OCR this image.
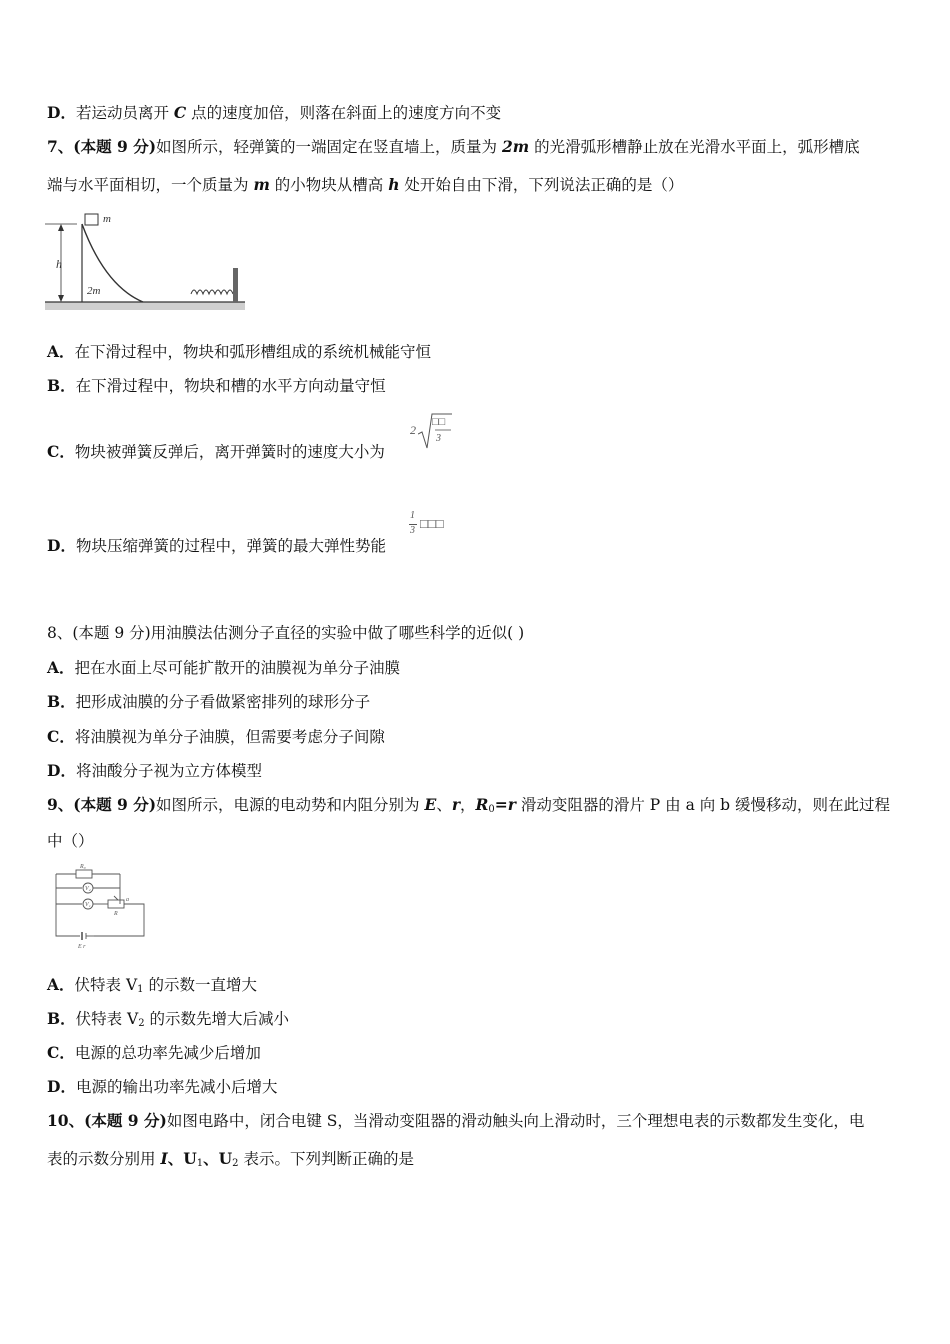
D．若运动员离开 C 点的速度加倍，则落在斜面上的速度方向不变
7、(本题 9 分)如图所示，轻弹簧的一端固定在竖直墙上，质量为 2m 的光滑弧形槽静止放在光滑水平面上，弧形槽底
端与水平面相切，一个质量为 m 的小物块从槽高 h 处开始自由下滑，下列说法正确的是（）
h
m
2m
A．在下滑过程中，物块和弧形槽组成的系统机械能守恒
B．在下滑过程中，物块和槽的水平方向动量守恒
C．物块被弹簧反弹后，离开弹簧时的速度大小为
2
□□
3
D．物块压缩弹簧的过程中，弹簧的最大弹性势能
1
3 □□□
8、(本题 9 分)用油膜法估测分子直径的实验中做了哪些科学的近似( )
A．把在水面上尽可能扩散开的油膜视为单分子油膜
B．把形成油膜的分子看做紧密排列的球形分子
C．将油膜视为单分子油膜，但需要考虑分子间隙
D．将油酸分子视为立方体模型
9、(本题 9 分)如图所示，电源的电动势和内阻分别为 E、r，$R_0=r$ 滑动变阻器的滑片 P 由 a 向 b 缓慢移动，则在此过程
中（）
R₀
V₂
V₁
a
R
E r
A．伏特表 $V_1$ 的示数一直增大
B．伏特表 $V_2$ 的示数先增大后减小
C．电源的总功率先减少后增加
D．电源的输出功率先减小后增大
10、(本题 9 分)如图电路中，闭合电键 S，当滑动变阻器的滑动触头向上滑动时，三个理想电表的示数都发生变化，电
表的示数分别用 I、$U_1$、$U_2$ 表示。下列判断正确的是
